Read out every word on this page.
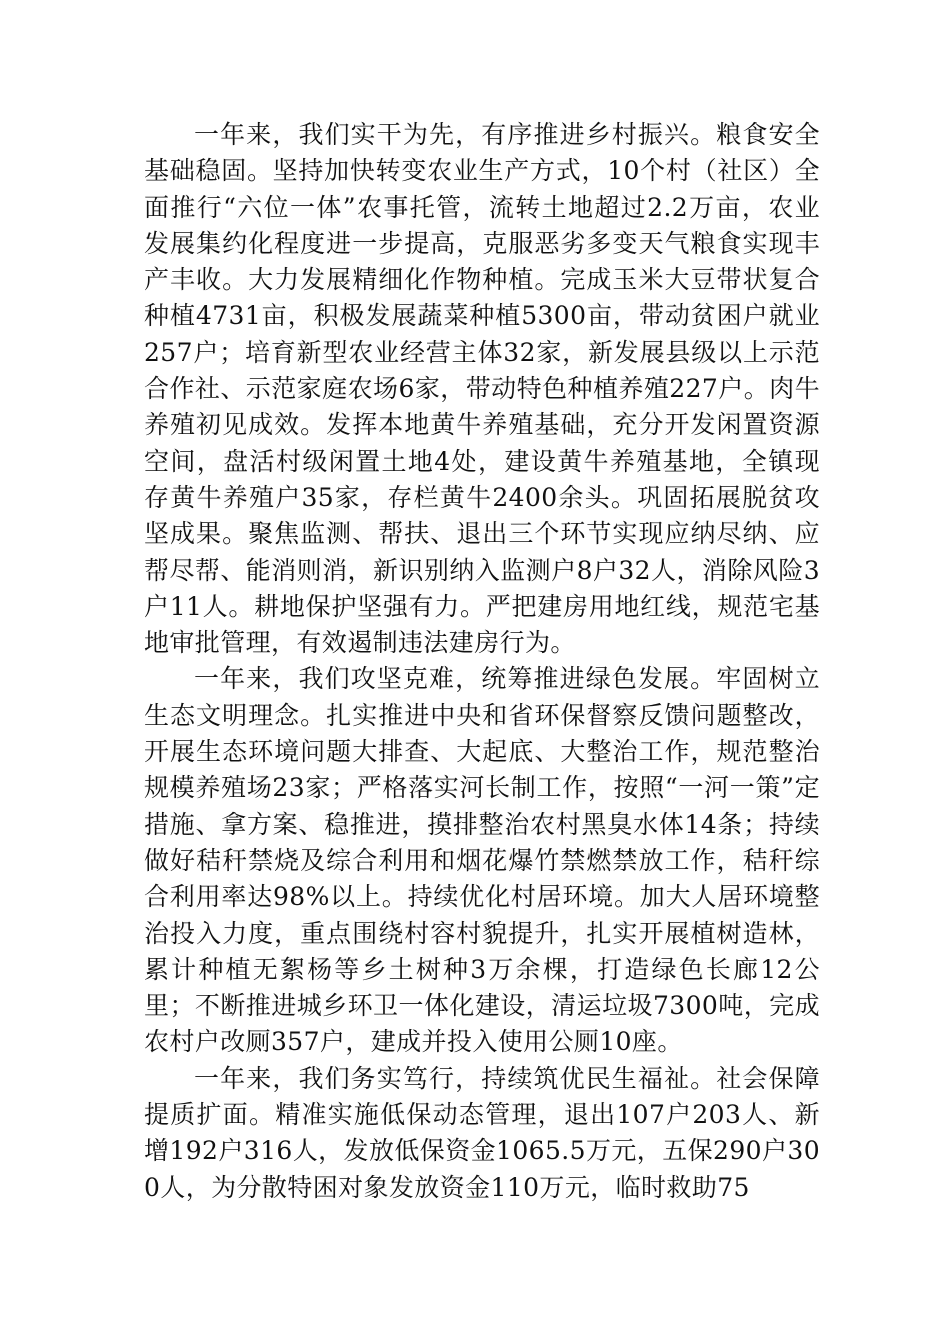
一年来，我们实干为先，有序推进乡村振兴。粮食安全基础稳固。坚持加快转变农业生产方式，10个村（社区）全面推行“六位一体”农事托管，流转土地超过2.2万亩，农业发展集约化程度进一步提高，克服恶劣多变天气粮食实现丰产丰收。大力发展精细化作物种植。完成玉米大豆带状复合种植4731亩，积极发展蔬菜种植5300亩，带动贫困户就业257户；培育新型农业经营主体32家，新发展县级以上示范合作社、示范家庭农场6家，带动特色种植养殖227户。肉牛养殖初见成效。发挥本地黄牛养殖基础，充分开发闲置资源空间，盘活村级闲置土地4处，建设黄牛养殖基地，全镇现存黄牛养殖户35家，存栏黄牛2400余头。巩固拓展脱贫攻坚成果。聚焦监测、帮扶、退出三个环节实现应纳尽纳、应帮尽帮、能消则消，新识别纳入监测户8户32人，消除风险3户11人。耕地保护坚强有力。严把建房用地红线，规范宅基地审批管理，有效遏制违法建房行为。

一年来，我们攻坚克难，统筹推进绿色发展。牢固树立生态文明理念。扎实推进中央和省环保督察反馈问题整改，开展生态环境问题大排查、大起底、大整治工作，规范整治规模养殖场23家；严格落实河长制工作，按照“一河一策”定措施、拿方案、稳推进，摸排整治农村黑臭水体14条；持续做好秸秆禁烧及综合利用和烟花爆竹禁燃禁放工作，秸秆综合利用率达98%以上。持续优化村居环境。加大人居环境整治投入力度，重点围绕村容村貌提升，扎实开展植树造林，累计种植无絮杨等乡土树种3万余棵，打造绿色长廊12公里；不断推进城乡环卫一体化建设，清运垃圾7300吨，完成农村户改厕357户，建成并投入使用公厕10座。

一年来，我们务实笃行，持续筑优民生福祉。社会保障提质扩面。精准实施低保动态管理，退出107户203人、新增192户316人，发放低保资金1065.5万元，五保290户300人，为分散特困对象发放资金110万元，临时救助75
